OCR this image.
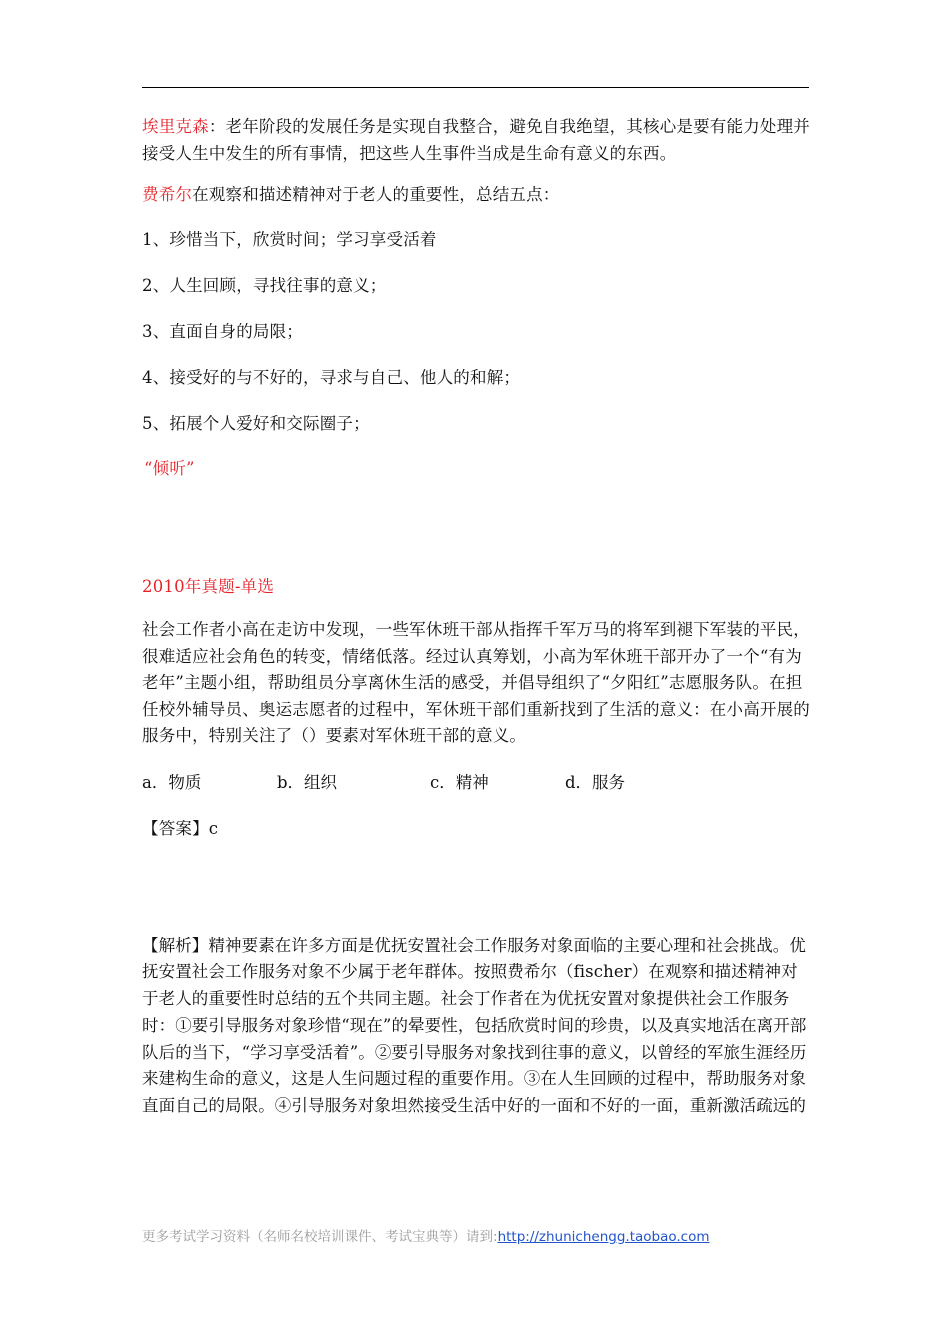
埃里克森：老年阶段的发展任务是实现自我整合，避免自我绝望，其核心是要有能力处理并接受人生中发生的所有事情，把这些人生事件当成是生命有意义的东西。

费希尔在观察和描述精神对于老人的重要性，总结五点：

1、珍惜当下，欣赏时间；学习享受活着

2、人生回顾，寻找往事的意义；

3、直面自身的局限；

4、接受好的与不好的，寻求与自己、他人的和解；

5、拓展个人爱好和交际圈子；

“倾听”

2010年真题-单选

社会工作者小高在走访中发现，一些军休班干部从指挥千军万马的将军到褪下军装的平民，很难适应社会角色的转变，情绪低落。经过认真筹划，小高为军休班干部开办了一个“有为老年”主题小组，帮助组员分享离休生活的感受，并倡导组织了“夕阳红”志愿服务队。在担任校外辅导员、奥运志愿者的过程中，军休班干部们重新找到了生活的意义：在小高开展的服务中，特别关注了（）要素对军休班干部的意义。

a．物质	b．组织	c．精神	d．服务

【答案】c

【解析】精神要素在许多方面是优抚安置社会工作服务对象面临的主要心理和社会挑战。优抚安置社会工作服务对象不少属于老年群体。按照费希尔（fischer）在观察和描述精神对于老人的重要性时总结的五个共同主题。社会丁作者在为优抚安置对象提供社会工作服务时：①要引导服务对象珍惜“现在”的晕要性，包括欣赏时间的珍贵，以及真实地活在离开部队后的当下，“学习享受活着”。②要引导服务对象找到往事的意义，以曾经的军旅生涯经历来建构生命的意义，这是人生问题过程的重要作用。③在人生回顾的过程中，帮助服务对象直面自己的局限。④引导服务对象坦然接受生活中好的一面和不好的一面，重新激活疏远的

更多考试学习资料（名师名校培训课件、考试宝典等）请到:http://zhunichengg.taobao.com
